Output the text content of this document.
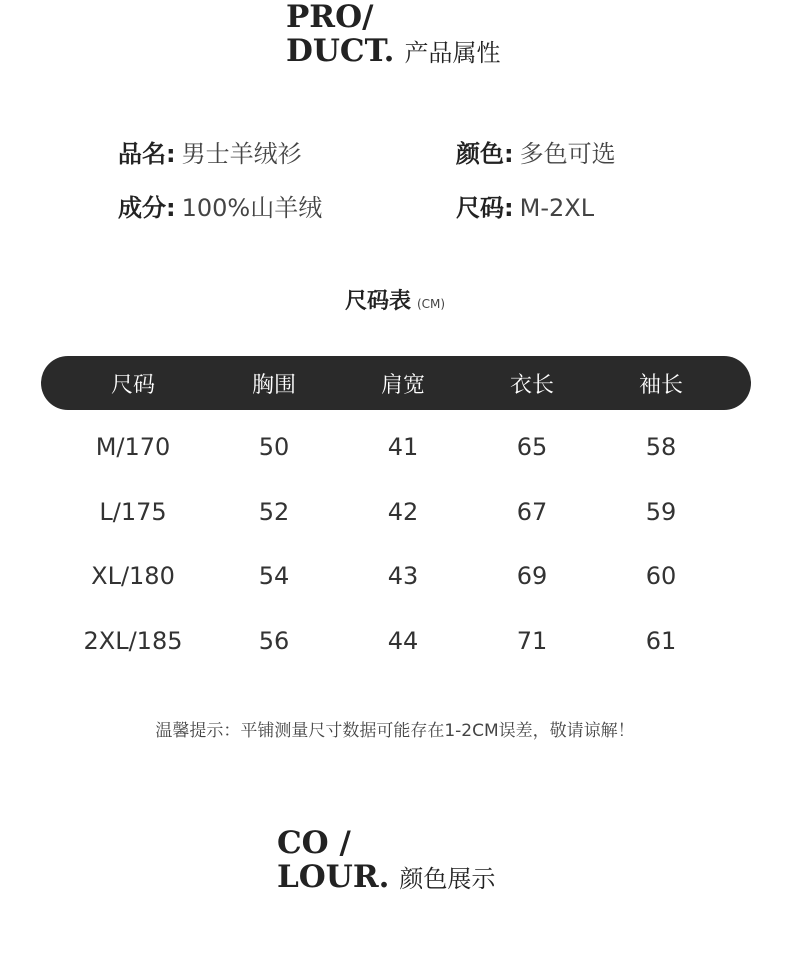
PRO/
DUCT. 产品属性
品名: 男士羊绒衫	颜色: 多色可选
成分: 100%山羊绒	尺码: M-2XL
尺码表 (CM)
尺码	胸围	肩宽	衣长	袖长
M/170	50	41	65	58
L/175	52	42	67	59
XL/180	54	43	69	60
2XL/185	56	44	71	61
温馨提示：平铺测量尺寸数据可能存在1-2CM误差，敬请谅解！
CO /
LOUR. 颜色展示
